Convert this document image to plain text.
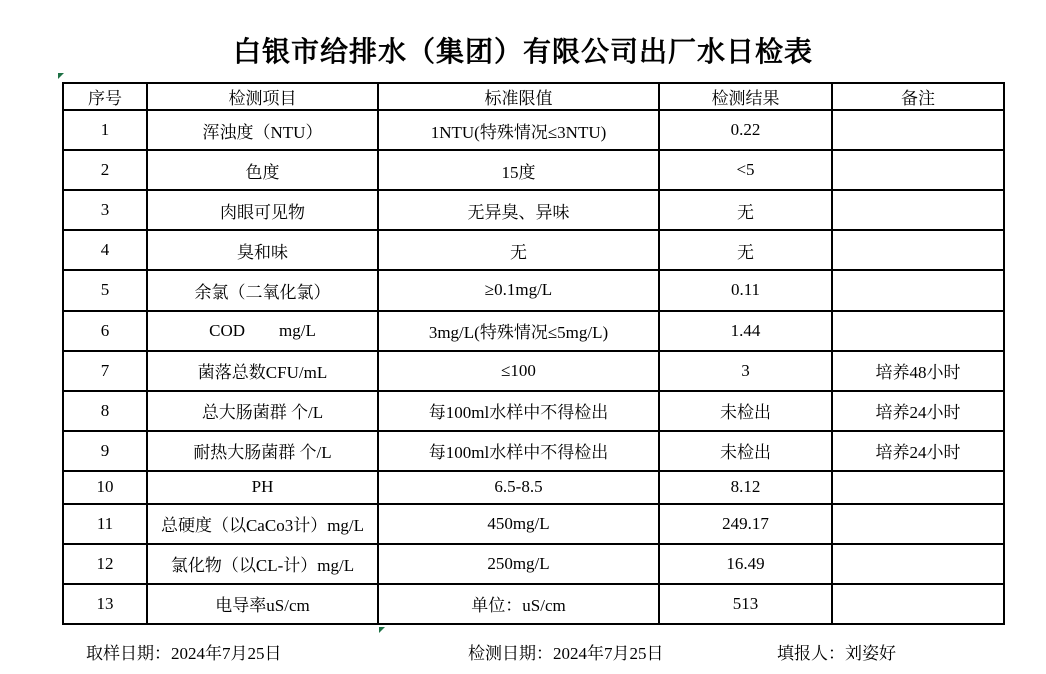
白银市给排水（集团）有限公司出厂水日检表
序号	检测项目	标准限值	检测结果	备注
1	浑浊度（NTU）	1NTU(特殊情况≤3NTU)	0.22	
2	色度	15度	<5	
3	肉眼可见物	无异臭、异味	无	
4	臭和味	无	无	
5	余氯（二氧化氯）	≥0.1mg/L	0.11	
6	COD        mg/L	3mg/L(特殊情况≤5mg/L)	1.44	
7	菌落总数CFU/mL	≤100	3	培养48小时
8	总大肠菌群 个/L	每100ml水样中不得检出	未检出	培养24小时
9	耐热大肠菌群 个/L	每100ml水样中不得检出	未检出	培养24小时
10	PH	6.5-8.5	8.12	
11	总硬度（以CaCo3计）mg/L	450mg/L	249.17	
12	氯化物（以CL-计）mg/L	250mg/L	16.49	
13	电导率uS/cm	单位：uS/cm	513	
取样日期：2024年7月25日	检测日期：2024年7月25日	填报人：刘姿好
